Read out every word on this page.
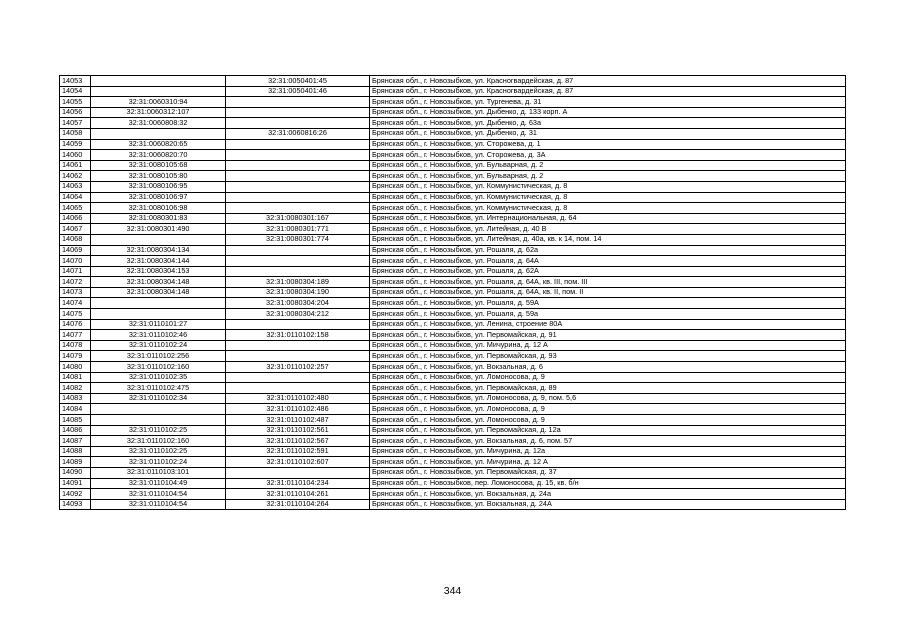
14053		32:31:0050401:45	Брянская обл., г. Новозыбков, ул. Красногвардейская, д. 87
14054		32:31:0050401:46	Брянская обл., г. Новозыбков, ул. Красногвардейская, д. 87
14055	32:31:0060310:94		Брянская обл., г. Новозыбков, ул. Тургенева, д. 31
14056	32:31:0060312:107		Брянская обл., г. Новозыбков, ул. Дыбенко, д. 133 корп. А
14057	32:31:0060808:32		Брянская обл., г. Новозыбков, ул. Дыбенко, д. 63а
14058		32:31:0060816:26	Брянская обл., г. Новозыбков, ул. Дыбенко, д. 31
14059	32:31:0060820:65		Брянская обл., г. Новозыбков, ул. Сторожева, д. 1
14060	32:31:0060820:70		Брянская обл., г. Новозыбков, ул. Сторожева, д. 3А
14061	32:31:0080105:68		Брянская обл., г. Новозыбков, ул. Бульварная, д. 2
14062	32:31:0080105:80		Брянская обл., г. Новозыбков, ул. Бульварная, д. 2
14063	32:31:0080106:95		Брянская обл., г. Новозыбков, ул. Коммунистическая, д. 8
14064	32:31:0080106:97		Брянская обл., г. Новозыбков, ул. Коммунистическая, д. 8
14065	32:31:0080106:98		Брянская обл., г. Новозыбков, ул. Коммунистическая, д. 8
14066	32:31:0080301:83	32:31:0080301:167	Брянская обл., г. Новозыбков, ул. Интернациональная, д. 64
14067	32:31:0080301:490	32:31:0080301:771	Брянская обл., г. Новозыбков, ул. Литейная, д. 40 В
14068		32:31:0080301:774	Брянская обл., г. Новозыбков, ул. Литейная, д. 40а, кв. к 14, пом. 14
14069	32:31:0080304:134		Брянская обл., г. Новозыбков, ул. Рошаля, д. 62а
14070	32:31:0080304:144		Брянская обл., г. Новозыбков, ул. Рошаля, д. 64А
14071	32:31:0080304:153		Брянская обл., г. Новозыбков, ул. Рошаля, д. 62А
14072	32:31:0080304:148	32:31:0080304:189	Брянская обл., г. Новозыбков, ул. Рошаля, д. 64А, кв. III, пом. III
14073	32:31:0080304:148	32:31:0080304:190	Брянская обл., г. Новозыбков, ул. Рошаля, д. 64А, кв. II, пом. II
14074		32:31:0080304:204	Брянская обл., г. Новозыбков, ул. Рошаля, д. 59А
14075		32:31:0080304:212	Брянская обл., г. Новозыбков, ул. Рошаля, д. 59а
14076	32:31:0110101:27		Брянская обл., г. Новозыбков, ул. Ленина, строение 80А
14077	32:31:0110102:46	32:31:0110102:158	Брянская обл., г. Новозыбков, ул. Первомайская, д. 91
14078	32:31:0110102:24		Брянская обл., г. Новозыбков, ул. Мичурина, д. 12 А
14079	32:31:0110102:256		Брянская обл., г. Новозыбков, ул. Первомайская, д. 93
14080	32:31:0110102:160	32:31:0110102:257	Брянская обл., г. Новозыбков, ул. Вокзальная, д. 6
14081	32:31:0110102:35		Брянская обл., г. Новозыбков, ул. Ломоносова, д. 9
14082	32:31:0110102:475		Брянская обл., г. Новозыбков, ул. Первомайская, д. 89
14083	32:31:0110102:34	32:31:0110102:480	Брянская обл., г. Новозыбков, ул. Ломоносова, д. 9, пом. 5,6
14084		32:31:0110102:486	Брянская обл., г. Новозыбков, ул. Ломоносова, д. 9
14085		32:31:0110102:487	Брянская обл., г. Новозыбков, ул. Ломоносова, д. 9
14086	32:31:0110102:25	32:31:0110102:561	Брянская обл., г. Новозыбков, ул. Первомайская, д. 12а
14087	32:31:0110102:160	32:31:0110102:567	Брянская обл., г. Новозыбков, ул. Вокзальная, д. 6, пом. 57
14088	32:31:0110102:25	32:31:0110102:591	Брянская обл., г. Новозыбков, ул. Мичурина, д. 12а
14089	32:31:0110102:24	32:31:0110102:607	Брянская обл., г. Новозыбков, ул. Мичурина, д. 12 А
14090	32:31:0110103:101		Брянская обл., г. Новозыбков, ул. Первомайская, д. 37
14091	32:31:0110104:49	32:31:0110104:234	Брянская обл., г. Новозыбков, пер. Ломоносова, д. 15, кв. б/н
14092	32:31:0110104:54	32:31:0110104:261	Брянская обл., г. Новозыбков, ул. Вокзальная, д. 24а
14093	32:31:0110104:54	32:31:0110104:264	Брянская обл., г. Новозыбков, ул. Вокзальная, д. 24А
344
